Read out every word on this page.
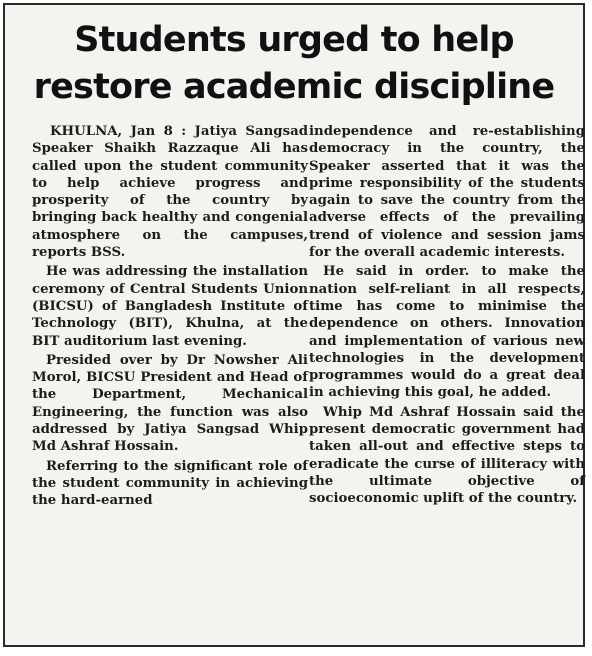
Students urged to help restore academic discipline

KHULNA, Jan 8 : Jatiya Sangsad Speaker Shaikh Razzaque Ali has called upon the student community to help achieve progress and prosperity of the country by bringing back healthy and congenial atmosphere on the campuses, reports BSS.

He was addressing the installation ceremony of Central Students Union (BICSU) of Bangladesh Institute of Technology (BIT), Khulna, at the BIT auditorium last evening.

Presided over by Dr Nowsher Ali Morol, BICSU President and Head of the Department, Mechanical Engineering, the function was also addressed by Jatiya Sangsad Whip Md Ashraf Hossain.

Referring to the significant role of the student community in achieving the hard-earned

independence and re-establishing democracy in the country, the Speaker asserted that it was the prime responsibility of the students again to save the country from the adverse effects of the prevailing trend of violence and session jams for the overall academic interests.

He said in order. to make the nation self-reliant in all respects, time has come to minimise the dependence on others. Innovation and implementation of various new technologies in the development programmes would do a great deal in achieving this goal, he added.

Whip Md Ashraf Hossain said the present democratic government had taken all-out and effective steps to eradicate the curse of illiteracy with the ultimate objective of socioeconomic uplift of the country.
